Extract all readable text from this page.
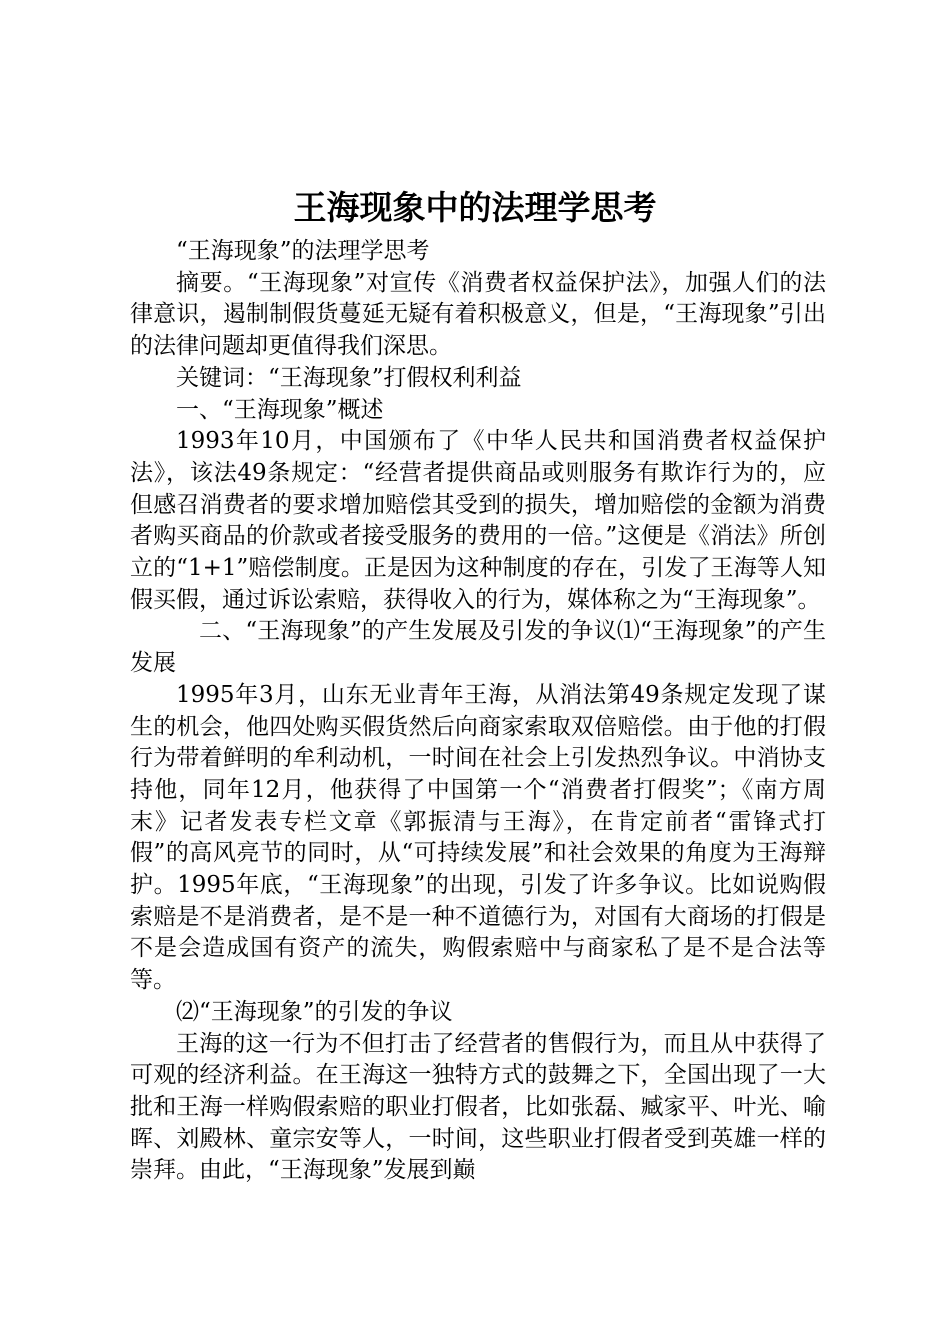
王海现象中的法理学思考

“王海现象”的法理学思考

摘要。“王海现象”对宣传《消费者权益保护法》，加强人们的法律意识，遏制制假货蔓延无疑有着积极意义，但是，“王海现象”引出的法律问题却更值得我们深思。

关键词：“王海现象”打假权利利益

一、“王海现象”概述

1993年10月，中国颁布了《中华人民共和国消费者权益保护法》，该法49条规定：“经营者提供商品或则服务有欺诈行为的，应但感召消费者的要求增加赔偿其受到的损失，增加赔偿的金额为消费者购买商品的价款或者接受服务的费用的一倍。”这便是《消法》所创立的“1+1”赔偿制度。正是因为这种制度的存在，引发了王海等人知假买假，通过诉讼索赔，获得收入的行为，媒体称之为“王海现象”。

二、“王海现象”的产生发展及引发的争议⑴“王海现象”的产生发展

1995年3月，山东无业青年王海，从消法第49条规定发现了谋生的机会，他四处购买假货然后向商家索取双倍赔偿。由于他的打假行为带着鲜明的牟利动机，一时间在社会上引发热烈争议。中消协支持他，同年12月，他获得了中国第一个“消费者打假奖”；《南方周末》记者发表专栏文章《郭振清与王海》，在肯定前者“雷锋式打假”的高风亮节的同时，从“可持续发展”和社会效果的角度为王海辩护。1995年底，“王海现象”的出现，引发了许多争议。比如说购假索赔是不是消费者，是不是一种不道德行为，对国有大商场的打假是不是会造成国有资产的流失，购假索赔中与商家私了是不是合法等等。

⑵“王海现象”的引发的争议

王海的这一行为不但打击了经营者的售假行为，而且从中获得了可观的经济利益。在王海这一独特方式的鼓舞之下，全国出现了一大批和王海一样购假索赔的职业打假者，比如张磊、臧家平、叶光、喻晖、刘殿林、童宗安等人，一时间，这些职业打假者受到英雄一样的崇拜。由此，“王海现象”发展到巅
